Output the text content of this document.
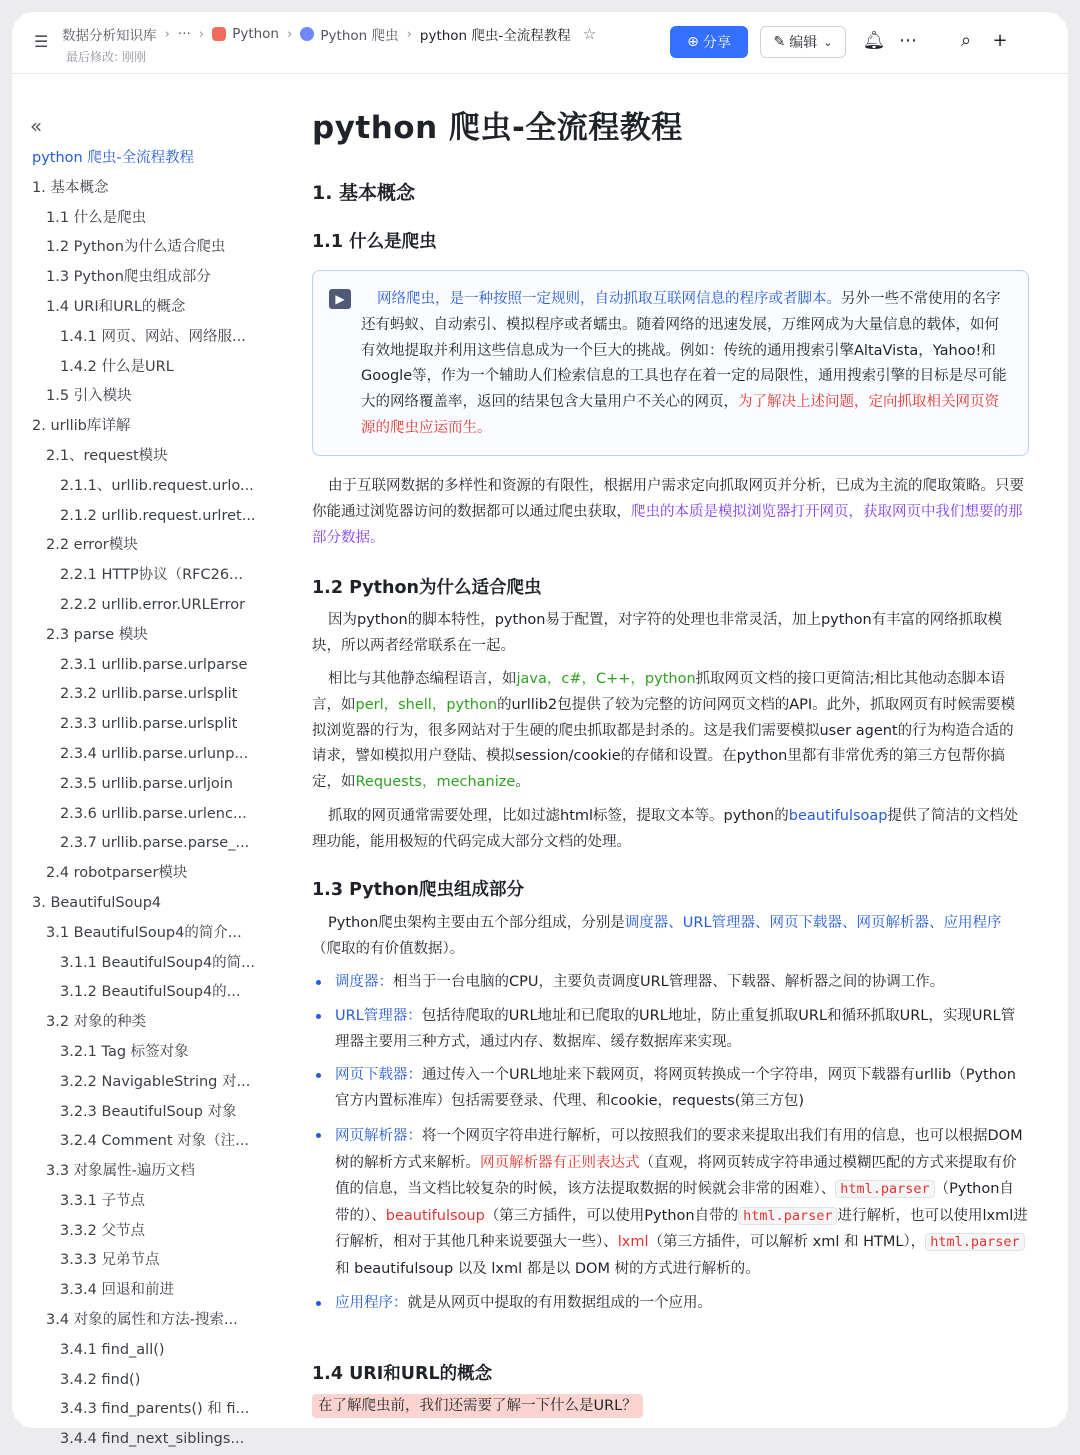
☰	数据分析知识库 › ··· › Python › Python 爬虫 › python 爬虫-全流程教程 ☆
最后修改: 刚刚
⊕ 分享	✎ 编辑 ⌄ 🔔︎ ⋯	⌕	+
«
python 爬虫-全流程教程
1. 基本概念
1.1 什么是爬虫
1.2 Python为什么适合爬虫
1.3 Python爬虫组成部分
1.4 URI和URL的概念
1.4.1 网页、网站、网络服...
1.4.2 什么是URL
1.5 引入模块
2. urllib库详解
2.1、request模块
2.1.1、urllib.request.urlo...
2.1.2 urllib.request.urlret...
2.2 error模块
2.2.1 HTTP协议（RFC26...
2.2.2 urllib.error.URLError
2.3 parse 模块
2.3.1 urllib.parse.urlparse
2.3.2 urllib.parse.urlsplit
2.3.3 urllib.parse.urlsplit
2.3.4 urllib.parse.urlunp...
2.3.5 urllib.parse.urljoin
2.3.6 urllib.parse.urlenc...
2.3.7 urllib.parse.parse_...
2.4 robotparser模块
3. BeautifulSoup4
3.1 BeautifulSoup4的简介...
3.1.1 BeautifulSoup4的简...
3.1.2 BeautifulSoup4的...
3.2 对象的种类
3.2.1 Tag 标签对象
3.2.2 NavigableString 对...
3.2.3 BeautifulSoup 对象
3.2.4 Comment 对象（注...
3.3 对象属性-遍历文档
3.3.1 子节点
3.3.2 父节点
3.3.3 兄弟节点
3.3.4 回退和前进
3.4 对象的属性和方法-搜索...
3.4.1 find_all()
3.4.2 find()
3.4.3 find_parents() 和 fi...
3.4.4 find_next_siblings...
python 爬虫-全流程教程
1. 基本概念
1.1 什么是爬虫
▶	网络爬虫，是一种按照一定规则，自动抓取互联网信息的程序或者脚本。另外一些不常使用的名字还有蚂蚁、自动索引、模拟程序或者蠕虫。随着网络的迅速发展，万维网成为大量信息的载体，如何有效地提取并利用这些信息成为一个巨大的挑战。例如：传统的通用搜索引擎AltaVista，Yahoo!和Google等，作为一个辅助人们检索信息的工具也存在着一定的局限性，通用搜索引擎的目标是尽可能大的网络覆盖率，返回的结果包含大量用户不关心的网页，为了解决上述问题，定向抓取相关网页资源的爬虫应运而生。
由于互联网数据的多样性和资源的有限性，根据用户需求定向抓取网页并分析，已成为主流的爬取策略。只要你能通过浏览器访问的数据都可以通过爬虫获取，爬虫的本质是模拟浏览器打开网页，获取网页中我们想要的那部分数据。
1.2 Python为什么适合爬虫
因为python的脚本特性，python易于配置，对字符的处理也非常灵活，加上python有丰富的网络抓取模块，所以两者经常联系在一起。
相比与其他静态编程语言，如java，c#，C++，python抓取网页文档的接口更简洁;相比其他动态脚本语言，如perl，shell，python的urllib2包提供了较为完整的访问网页文档的API。此外，抓取网页有时候需要模拟浏览器的行为，很多网站对于生硬的爬虫抓取都是封杀的。这是我们需要模拟user agent的行为构造合适的请求，譬如模拟用户登陆、模拟session/cookie的存储和设置。在python里都有非常优秀的第三方包帮你搞定，如Requests，mechanize。
抓取的网页通常需要处理，比如过滤html标签，提取文本等。python的beautifulsoap提供了简洁的文档处理功能，能用极短的代码完成大部分文档的处理。
1.3 Python爬虫组成部分
Python爬虫架构主要由五个部分组成，分别是调度器、URL管理器、网页下载器、网页解析器、应用程序（爬取的有价值数据）。
调度器：相当于一台电脑的CPU，主要负责调度URL管理器、下载器、解析器之间的协调工作。
URL管理器：包括待爬取的URL地址和已爬取的URL地址，防止重复抓取URL和循环抓取URL，实现URL管理器主要用三种方式，通过内存、数据库、缓存数据库来实现。
网页下载器：通过传入一个URL地址来下载网页，将网页转换成一个字符串，网页下载器有urllib（Python官方内置标准库）包括需要登录、代理、和cookie，requests(第三方包)
网页解析器：将一个网页字符串进行解析，可以按照我们的要求来提取出我们有用的信息，也可以根据DOM树的解析方式来解析。网页解析器有正则表达式（直观，将网页转成字符串通过模糊匹配的方式来提取有价值的信息，当文档比较复杂的时候，该方法提取数据的时候就会非常的困难）、 html.parser （Python自带的）、beautifulsoup（第三方插件，可以使用Python自带的 html.parser 进行解析，也可以使用lxml进行解析，相对于其他几种来说要强大一些）、lxml（第三方插件，可以解析 xml 和 HTML）， html.parser和 beautifulsoup 以及 lxml 都是以 DOM 树的方式进行解析的。
应用程序：就是从网页中提取的有用数据组成的一个应用。
1.4 URI和URL的概念
在了解爬虫前，我们还需要了解一下什么是URL？
